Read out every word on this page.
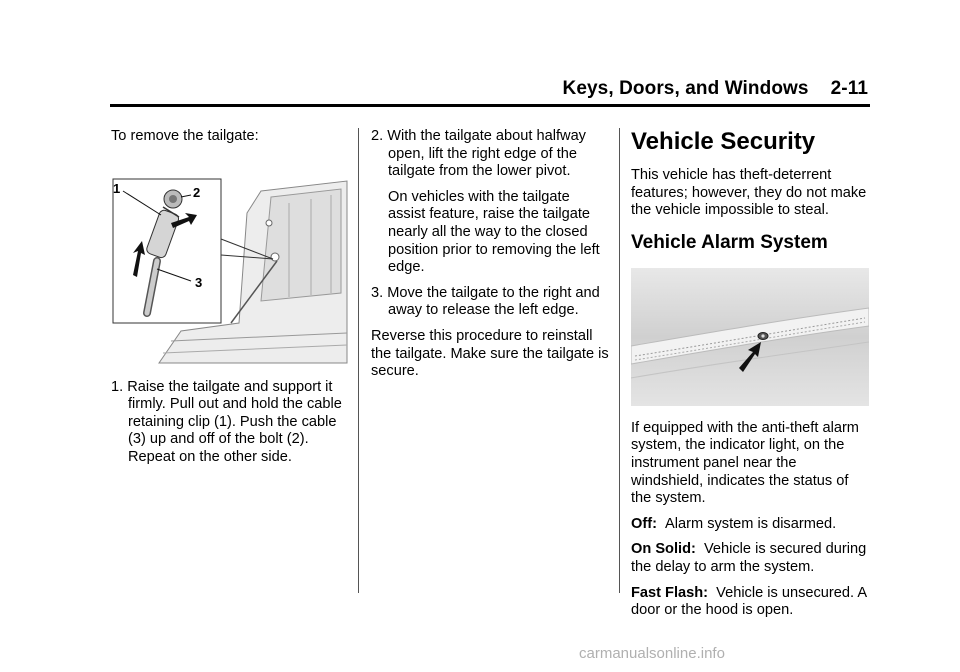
Keys, Doors, and Windows 2-11

To remove the tailgate:

1	2
3

1. Raise the tailgate and support it firmly. Pull out and hold the cable retaining clip (1). Push the cable (3) up and off of the bolt (2). Repeat on the other side.

2. With the tailgate about halfway open, lift the right edge of the tailgate from the lower pivot.

On vehicles with the tailgate assist feature, raise the tailgate nearly all the way to the closed position prior to removing the left edge.

3. Move the tailgate to the right and away to release the left edge.

Reverse this procedure to reinstall the tailgate. Make sure the tailgate is secure.

Vehicle Security

This vehicle has theft-deterrent features; however, they do not make the vehicle impossible to steal.

Vehicle Alarm System

If equipped with the anti-theft alarm system, the indicator light, on the instrument panel near the windshield, indicates the status of the system.

Off: Alarm system is disarmed.

On Solid: Vehicle is secured during the delay to arm the system.

Fast Flash: Vehicle is unsecured. A door or the hood is open.

carmanualsonline.info
